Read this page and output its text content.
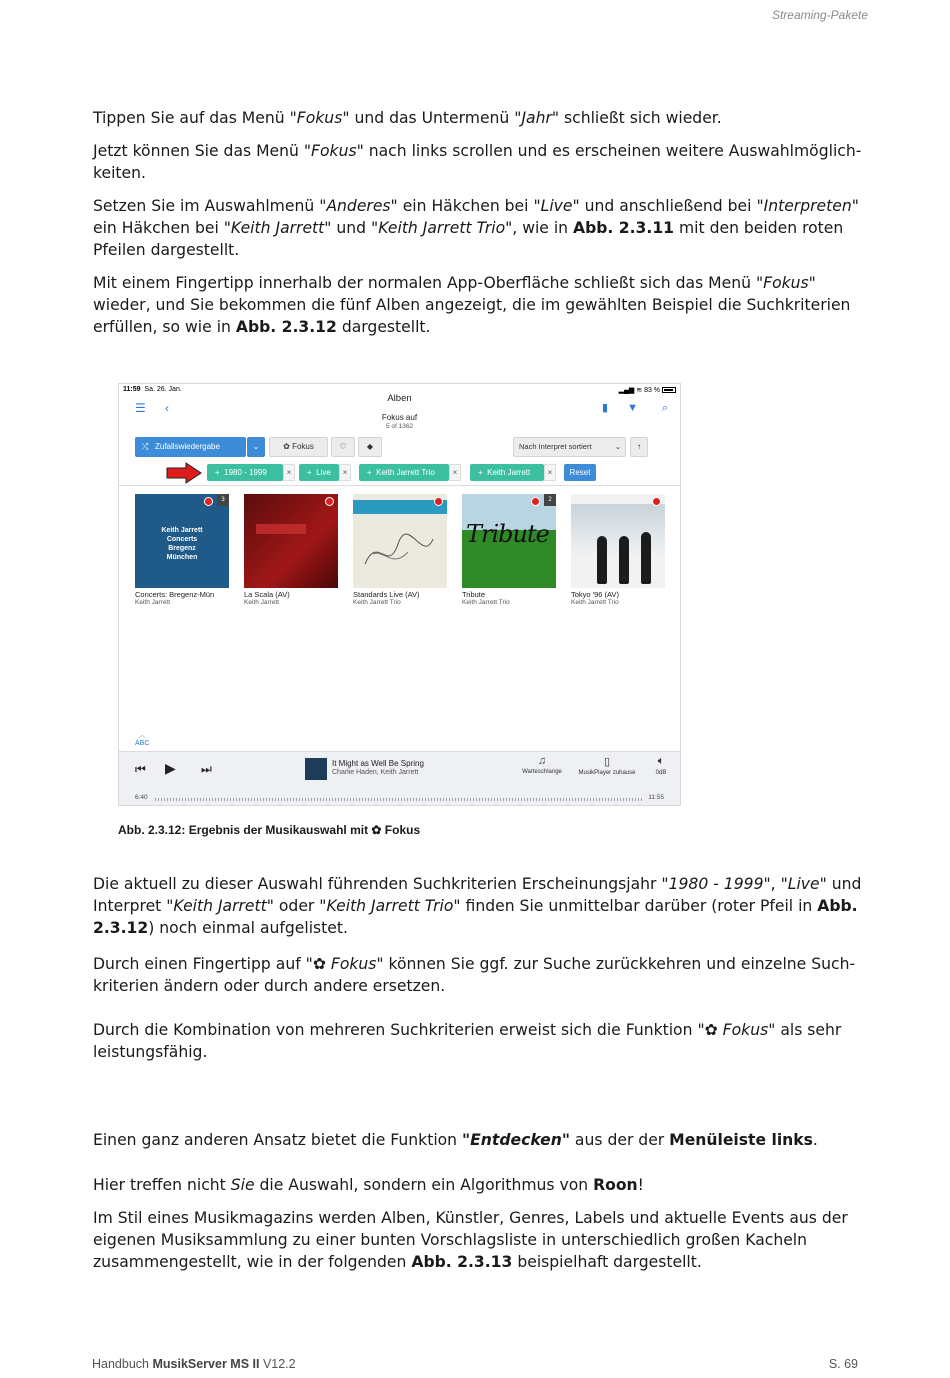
Streaming-Pakete

Tippen Sie auf das Menü "Fokus" und das Untermenü "Jahr" schließt sich wieder.

Jetzt können Sie das Menü "Fokus" nach links scrollen und es erscheinen weitere Auswahlmöglich-keiten.

Setzen Sie im Auswahlmenü "Anderes" ein Häkchen bei "Live" und anschließend bei "Interpreten" ein Häkchen bei "Keith Jarrett" und "Keith Jarrett Trio", wie in Abb. 2.3.11 mit den beiden roten Pfeilen dargestellt.

Mit einem Fingertipp innerhalb der normalen App-Oberfläche schließt sich das Menü "Fokus" wieder, und Sie bekommen die fünf Alben angezeigt, die im gewählten Beispiel die Suchkriterien erfüllen, so wie in Abb. 2.3.12 dargestellt.

11:59 Sa. 26. Jan.	▂▄▆ ≋ 83 %
Alben
Fokus auf
5 of 1362
☰ ‹	▮ ▼ ⌕
⤮ Zufallswiedergabe	⌄	✿ Fokus	♡	◆	Nach Interpret sortiert	⌄	↑
+ 1980 - 1999	×	+ Live	×	+ Keith Jarrett Trio	×	+ Keith Jarrett	×	Reset
3
Keith Jarrett
Concerts
Bregenz
München
Concerts: Bregenz-Mün
Keith Jarrett
La Scala (AV)
Keith Jarrett
Standards Live (AV)
Keith Jarrett Trio
Tribute
2
Tribute
Keith Jarrett Trio
Tokyo '96 (AV)
Keith Jarrett Trio
︿
ABC
⏮ ▶ ⏭	It Might as Well Be Spring
Charlie Haden, Keith Jarrett
♫
Warteschlange
▯
MusikPlayer zuhause
🔈︎
0dB
6:40	11:55
Abb. 2.3.12: Ergebnis der Musikauswahl mit ✿ Fokus

Die aktuell zu dieser Auswahl führenden Suchkriterien Erscheinungsjahr "1980 - 1999", "Live" und Interpret "Keith Jarrett" oder "Keith Jarrett Trio" finden Sie unmittelbar darüber (roter Pfeil in Abb. 2.3.12) noch einmal aufgelistet.

Durch einen Fingertipp auf "✿ Fokus" können Sie ggf. zur Suche zurückkehren und einzelne Such-kriterien ändern oder durch andere ersetzen.

Durch die Kombination von mehreren Suchkriterien erweist sich die Funktion "✿ Fokus" als sehr leistungsfähig.

Einen ganz anderen Ansatz bietet die Funktion "Entdecken" aus der der Menüleiste links.

Hier treffen nicht Sie die Auswahl, sondern ein Algorithmus von Roon!

Im Stil eines Musikmagazins werden Alben, Künstler, Genres, Labels und aktuelle Events aus der eigenen Musiksammlung zu einer bunten Vorschlagsliste in unterschiedlich großen Kacheln zusammengestellt, wie in der folgenden Abb. 2.3.13 beispielhaft dargestellt.

Handbuch MusikServer MS II V12.2	S. 69
